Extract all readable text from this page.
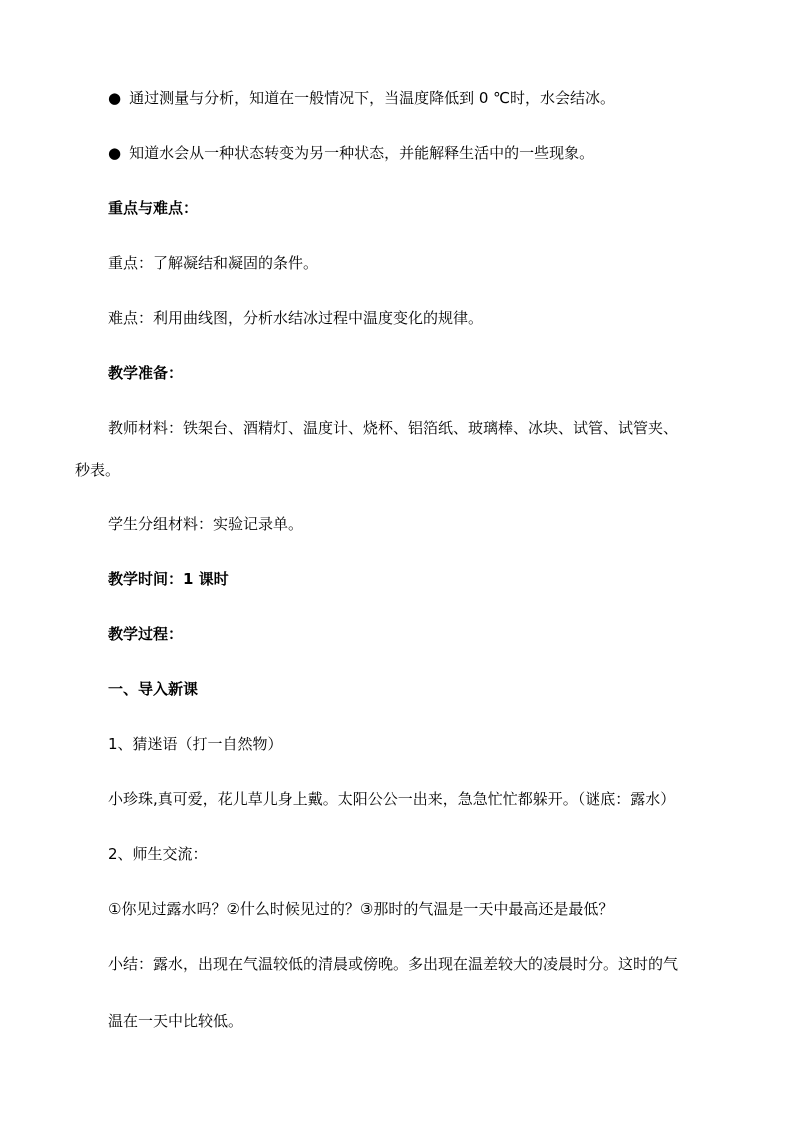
● 通过测量与分析，知道在一般情况下，当温度降低到 0 ℃时，水会结冰。
● 知道水会从一种状态转变为另一种状态，并能解释生活中的一些现象。
重点与难点：
重点：了解凝结和凝固的条件。
难点：利用曲线图，分析水结冰过程中温度变化的规律。
教学准备：
教师材料：铁架台、酒精灯、温度计、烧杯、铝箔纸、玻璃棒、冰块、试管、试管夹、
秒表。
学生分组材料：实验记录单。
教学时间：1 课时
教学过程：
一、导入新课
1、猜迷语（打一自然物）
小珍珠,真可爱，花儿草儿身上戴。太阳公公一出来，急急忙忙都躲开。（谜底：露水）
2、师生交流：
①你见过露水吗？②什么时候见过的？③那时的气温是一天中最高还是最低？
小结：露水，出现在气温较低的清晨或傍晚。多出现在温差较大的凌晨时分。这时的气
温在一天中比较低。
